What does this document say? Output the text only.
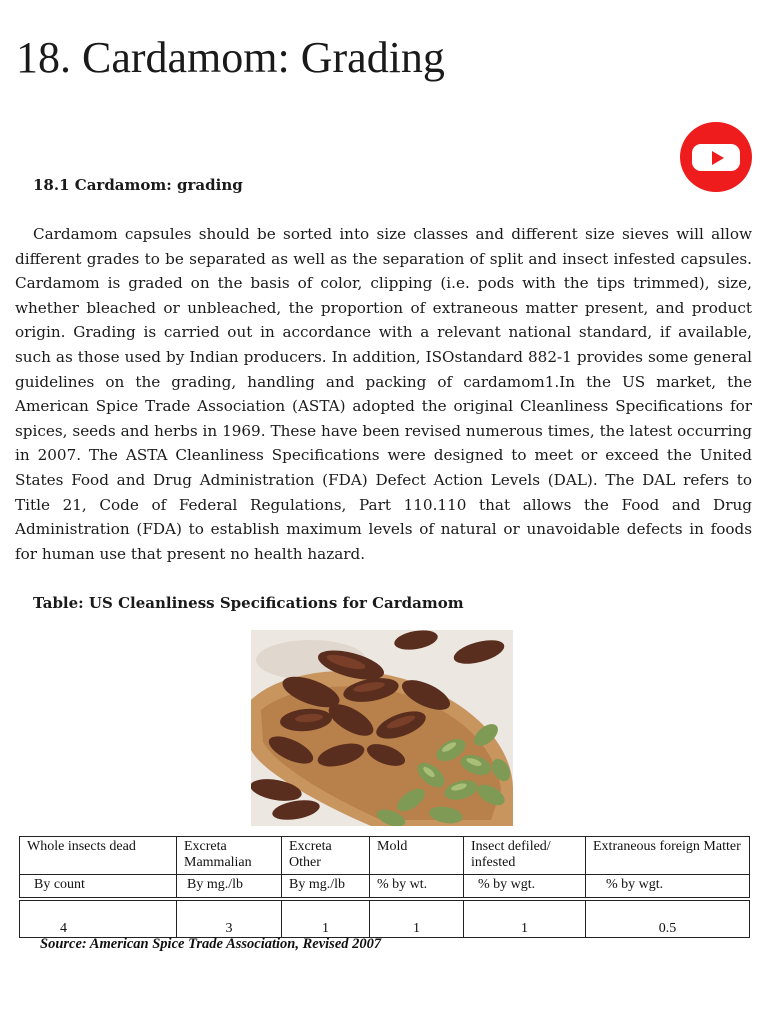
18. Cardamom: Grading
18.1 Cardamom: grading

Cardamom capsules should be sorted into size classes and different size sieves will allow different grades to be separated as well as the separation of split and insect infested capsules. Cardamom is graded on the basis of color, clipping (i.e. pods with the tips trimmed), size, whether bleached or unbleached, the proportion of extraneous matter present, and product origin. Grading is carried out in accordance with a relevant national standard, if available, such as those used by Indian producers. In addition, ISOstandard 882-1 provides some general guidelines on the grading, handling and packing of cardamom1.In the US market, the American Spice Trade Association (ASTA) adopted the original Cleanliness Specifications for spices, seeds and herbs in 1969. These have been revised numerous times, the latest occurring in 2007. The ASTA Cleanliness Specifications were designed to meet or exceed the United States Food and Drug Administration (FDA) Defect Action Levels (DAL). The DAL refers to Title 21, Code of Federal Regulations, Part 110.110 that allows the Food and Drug Administration (FDA) to establish maximum levels of natural or unavoidable defects in foods for human use that present no health hazard.

Table: US Cleanliness Specifications for Cardamom
Whole insects dead	Excreta Mammalian	Excreta Other	Mold	Insect defiled/ infested	Extraneous foreign Matter
By count	By mg./lb	By mg./lb	% by wt.	% by wgt.	% by wgt.

4	3	1	1	1	0.5

Source: American Spice Trade Association, Revised 2007
